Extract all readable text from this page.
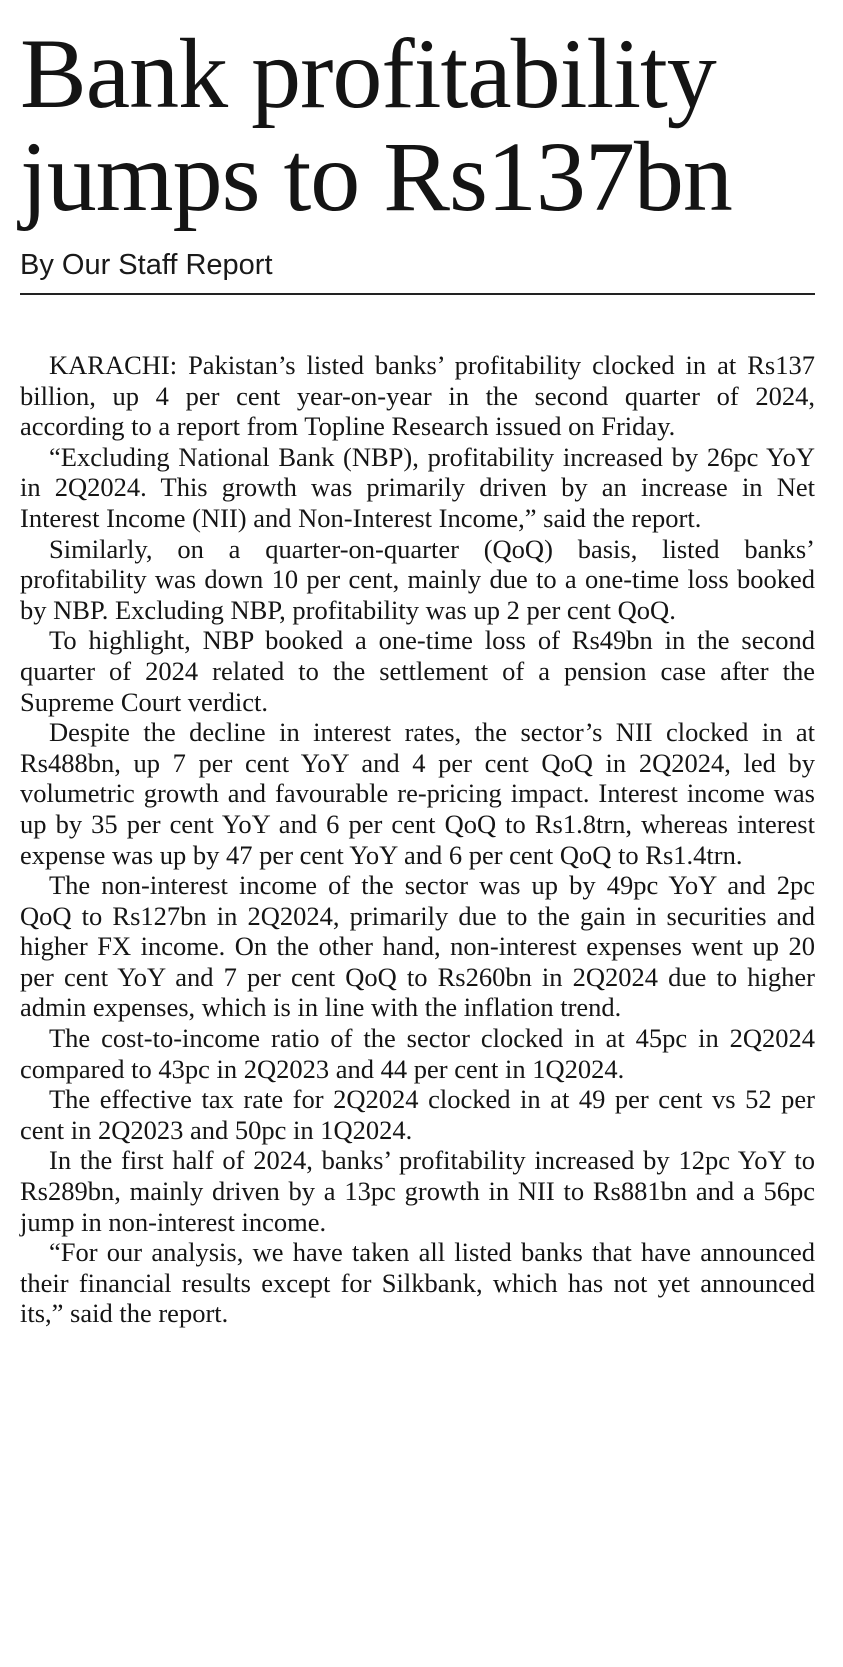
Bank profitability jumps to Rs137bn
By Our Staff Report

KARACHI: Pakistan’s listed banks’ profitability clocked in at Rs137 billion, up 4 per cent year-on-year in the second quarter of 2024, according to a report from Topline Research issued on Friday.

“Excluding National Bank (NBP), profitability increased by 26pc YoY in 2Q2024. This growth was primarily driven by an increase in Net Interest Income (NII) and Non-Interest Income,” said the report.

Similarly, on a quarter-on-quarter (QoQ) basis, listed banks’ profitability was down 10 per cent, mainly due to a one-time loss booked by NBP. Excluding NBP, profitability was up 2 per cent QoQ.

To highlight, NBP booked a one-time loss of Rs49bn in the second quarter of 2024 related to the settlement of a pension case after the Supreme Court verdict.

Despite the decline in interest rates, the sector’s NII clocked in at Rs488bn, up 7 per cent YoY and 4 per cent QoQ in 2Q2024, led by volumetric growth and favourable re-pricing impact. Interest income was up by 35 per cent YoY and 6 per cent QoQ to Rs1.8trn, whereas interest expense was up by 47 per cent YoY and 6 per cent QoQ to Rs1.4trn.

The non-interest income of the sector was up by 49pc YoY and 2pc QoQ to Rs127bn in 2Q2024, primarily due to the gain in securities and higher FX income. On the other hand, non-interest expenses went up 20 per cent YoY and 7 per cent QoQ to Rs260bn in 2Q2024 due to higher admin expenses, which is in line with the inflation trend.

The cost-to-income ratio of the sector clocked in at 45pc in 2Q2024 compared to 43pc in 2Q2023 and 44 per cent in 1Q2024.

The effective tax rate for 2Q2024 clocked in at 49 per cent vs 52 per cent in 2Q2023 and 50pc in 1Q2024.

In the first half of 2024, banks’ profitability increased by 12pc YoY to Rs289bn, mainly driven by a 13pc growth in NII to Rs881bn and a 56pc jump in non-interest income.

“For our analysis, we have taken all listed banks that have announced their financial results except for Silkbank, which has not yet announced its,” said the report.
